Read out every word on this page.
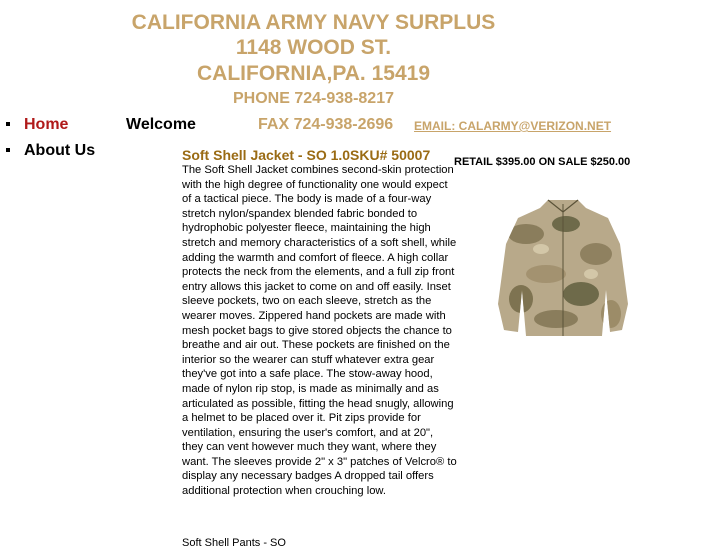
CALIFORNIA ARMY NAVY SURPLUS
1148 WOOD ST.
CALIFORNIA,PA. 15419
PHONE 724-938-8217
Home
About Us
Welcome	FAX 724-938-2696 EMAIL: CALARMY@VERIZON.NET
Soft Shell Jacket - SO 1.0SKU# 50007 RETAIL $395.00 ON SALE $250.00

The Soft Shell Jacket combines second-skin protection with the high degree of functionality one would expect of a tactical piece. The body is made of a four-way stretch nylon/spandex blended fabric bonded to hydrophobic polyester fleece, maintaining the high stretch and memory characteristics of a soft shell, while adding the warmth and comfort of fleece. A high collar protects the neck from the elements, and a full zip front entry allows this jacket to come on and off easily. Inset sleeve pockets, two on each sleeve, stretch as the wearer moves. Zippered hand pockets are made with mesh pocket bags to give stored objects the chance to breathe and air out. These pockets are finished on the interior so the wearer can stuff whatever extra gear they've got into a safe place. The stow-away hood, made of nylon rip stop, is made as minimally and as articulated as possible, fitting the head snugly, allowing a helmet to be placed over it. Pit zips provide for ventilation, ensuring the user's comfort, and at 20", they can vent however much they want, where they want. The sleeves provide 2" x 3" patches of Velcro® to display any necessary badges A dropped tail offers additional protection when crouching low.

Soft Shell Pants - SO
